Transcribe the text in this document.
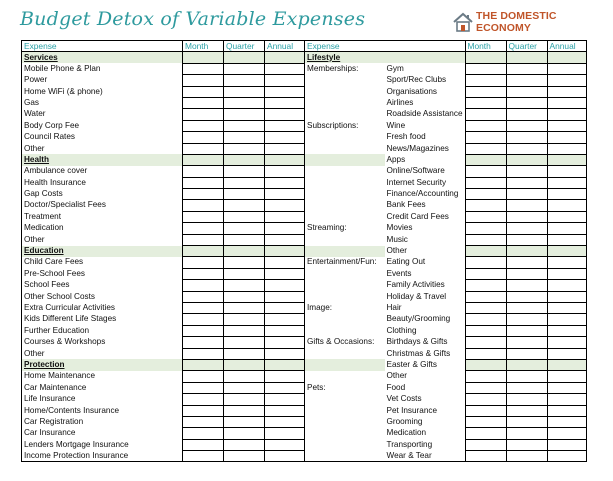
Budget Detox of Variable Expenses	THE DOMESTIC ECONOMY
Expense	Month	Quarter	Annual	Expense		Month	Quarter	Annual
Services				Lifestyle				
Mobile Phone & Plan				Memberships:	Gym			
Power					Sport/Rec Clubs			
Home WiFi (& phone)					Organisations			
Gas					Airlines			
Water					Roadside Assistance			
Body Corp Fee				Subscriptions:	Wine			
Council Rates					Fresh food			
Other					News/Magazines			
Health					Apps			
Ambulance cover					Online/Software			
Health Insurance					Internet Security			
Gap Costs					Finance/Accounting			
Doctor/Specialist Fees					Bank Fees			
Treatment					Credit Card Fees			
Medication				Streaming:	Movies			
Other					Music			
Education					Other			
Child Care Fees				Entertainment/Fun:	Eating Out			
Pre-School Fees					Events			
School Fees					Family Activities			
Other School Costs					Holiday & Travel			
Extra Curricular Activities				Image:	Hair			
Kids Different Life Stages					Beauty/Grooming			
Further Education					Clothing			
Courses & Workshops				Gifts & Occasions:	Birthdays & Gifts			
Other					Christmas & Gifts			
Protection					Easter & Gifts			
Home Maintenance					Other			
Car Maintenance				Pets:	Food			
Life Insurance					Vet Costs			
Home/Contents Insurance					Pet Insurance			
Car Registration					Grooming			
Car Insurance					Medication			
Lenders Mortgage Insurance					Transporting			
Income Protection Insurance					Wear & Tear			
